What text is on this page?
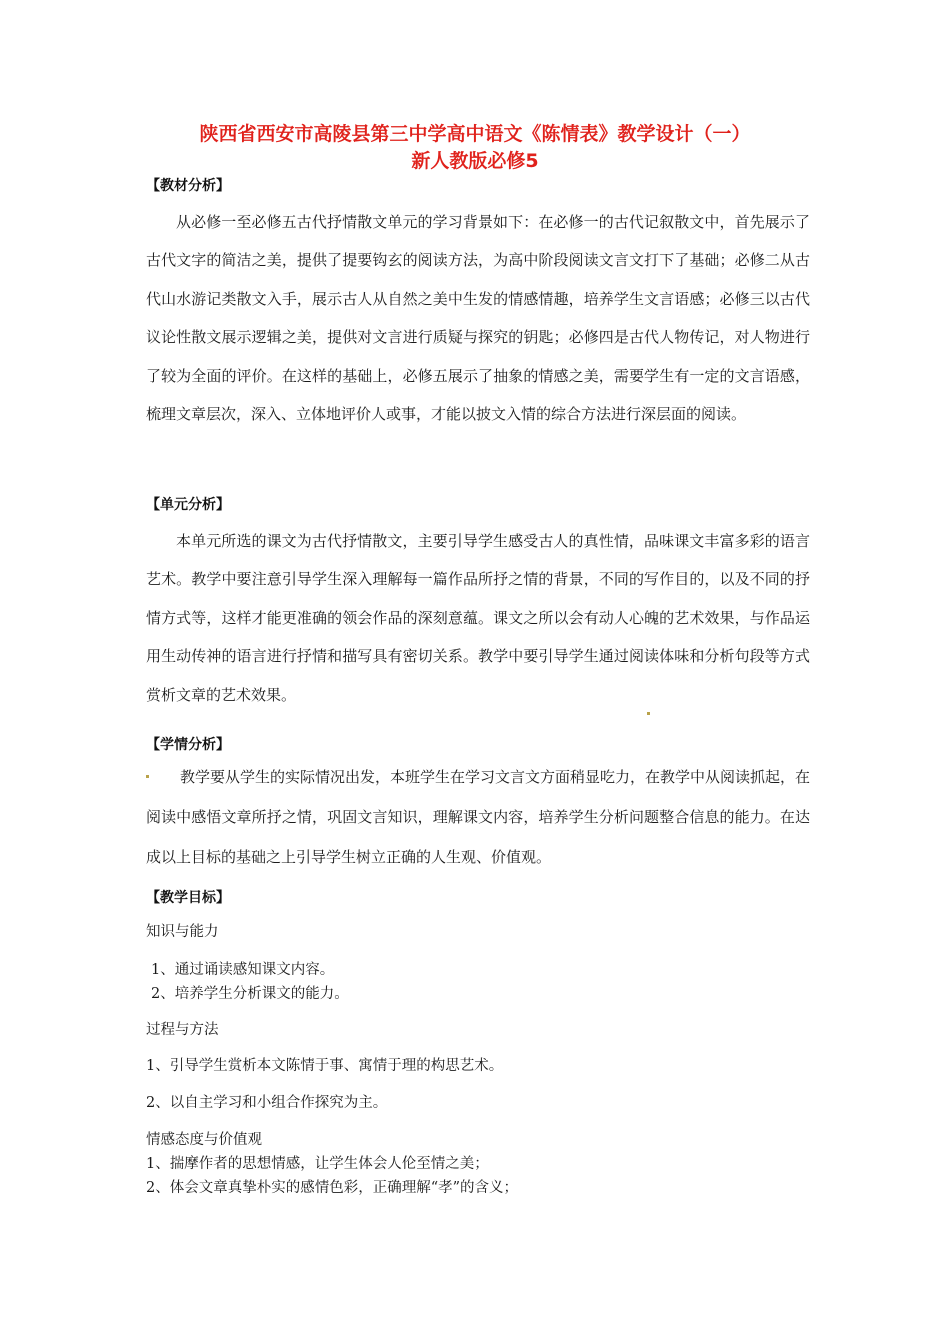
陕西省西安市高陵县第三中学高中语文《陈情表》教学设计（一）
新人教版必修5
【教材分析】

从必修一至必修五古代抒情散文单元的学习背景如下：在必修一的古代记叙散文中，首先展示了古代文字的简洁之美，提供了提要钩玄的阅读方法，为高中阶段阅读文言文打下了基础；必修二从古代山水游记类散文入手，展示古人从自然之美中生发的情感情趣，培养学生文言语感；必修三以古代议论性散文展示逻辑之美，提供对文言进行质疑与探究的钥匙；必修四是古代人物传记，对人物进行了较为全面的评价。在这样的基础上，必修五展示了抽象的情感之美，需要学生有一定的文言语感，梳理文章层次，深入、立体地评价人或事，才能以披文入情的综合方法进行深层面的阅读。

【单元分析】

本单元所选的课文为古代抒情散文，主要引导学生感受古人的真性情，品味课文丰富多彩的语言艺术。教学中要注意引导学生深入理解每一篇作品所抒之情的背景，不同的写作目的，以及不同的抒情方式等，这样才能更准确的领会作品的深刻意蕴。课文之所以会有动人心魄的艺术效果，与作品运用生动传神的语言进行抒情和描写具有密切关系。教学中要引导学生通过阅读体味和分析句段等方式赏析文章的艺术效果。

【学情分析】

教学要从学生的实际情况出发，本班学生在学习文言文方面稍显吃力，在教学中从阅读抓起，在阅读中感悟文章所抒之情，巩固文言知识，理解课文内容，培养学生分析问题整合信息的能力。在达成以上目标的基础之上引导学生树立正确的人生观、价值观。

【教学目标】
知识与能力
1、通过诵读感知课文内容。
2、培养学生分析课文的能力。
过程与方法
1、引导学生赏析本文陈情于事、寓情于理的构思艺术。
2、以自主学习和小组合作探究为主。
情感态度与价值观
1、揣摩作者的思想情感，让学生体会人伦至情之美；
2、体会文章真挚朴实的感情色彩，正确理解“孝”的含义；
